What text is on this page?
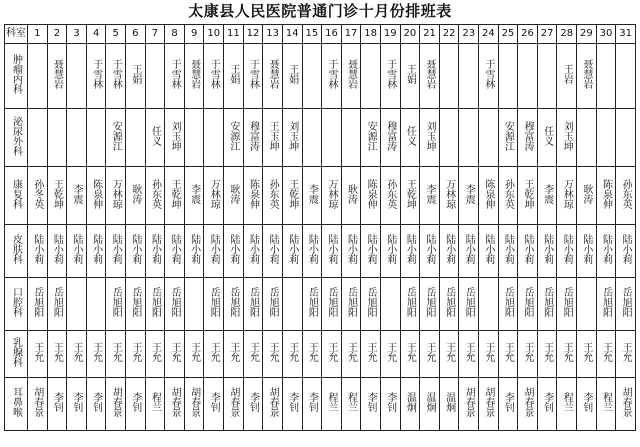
太康县人民医院普通门诊十月份排班表
科室	1	2	3	4	5	6	7	8	9	10	11	12	13	14	15	16	17	18	19	20	21	22	23	24	25	26	27	28	29	30	31
肿瘤内科		聂慧岩		于雪林	于雪林	王娟		于雪林	聂慧岩	于雪林	王娟	于雪林	聂慧岩	王娟		于雪林	聂慧岩		于雪林	王娟	聂慧岩			于雪林				王岩	聂慧岩		
泌尿外科					安源江		任义	刘玉坤			安源江	穆富涛	王玉坤	刘玉坤				安源江	穆富涛	任义	刘玉坤				安源江	穆富涛	任义	刘玉坤			
康复科	孙冬英	王乾坤	李震	陈泉伸	万林琼	耿涛	孙东英	王乾坤	李震	万林琼	耿涛	陈泉伸	孙东英	王乾坤	李震	万林琼	耿涛	陈泉伸	孙东英	王乾坤	李震	万林琼	李震	陈泉伸	孙东英	王乾坤	李震	万林琼	耿涛	陈泉伸	孙东英
皮肤科	陆小莉	陆小莉	陆小莉	陆小莉	陆小莉	陆小莉	陆小莉	陆小莉	陆小莉	陆小莉	陆小莉	陆小莉	陆小莉	陆小莉	陆小莉	陆小莉	陆小莉	陆小莉	陆小莉	陆小莉	陆小莉	陆小莉	陆小莉	陆小莉	陆小莉	陆小莉	陆小莉	陆小莉	陆小莉	陆小莉	陆小莉
口腔科	岳旭阳	岳旭阳			岳旭阳	岳旭阳	岳旭阳	岳旭阳		岳旭阳	岳旭阳	岳旭阳	岳旭阳		岳旭阳	岳旭阳	岳旭阳	岳旭阳		岳旭阳	岳旭阳	岳旭阳	岳旭阳		岳旭阳	岳旭阳	岳旭阳	岳旭阳		岳旭阳	岳旭阳
乳腺科	王允	王允	王允	王允	王允	王允	王允	王允	王允	王允	王允	王允	王允	王允	王允	王允	王允	王允	王允	王允	王允	王允	王允	王允	王允	王允	王允	王允	王允	王允	王允
耳鼻喉	胡春景	李钊	李钊	李钊	胡春景	李钊	程兰	胡春景	胡春景	李钊	胡春景	李钊	胡春景	李钊	李钊	程兰	程兰	李钊	李钊	温炯	温炯	温炯	胡春景	胡春景	李钊	胡春景	李钊	程兰	李钊	程兰	胡春景
